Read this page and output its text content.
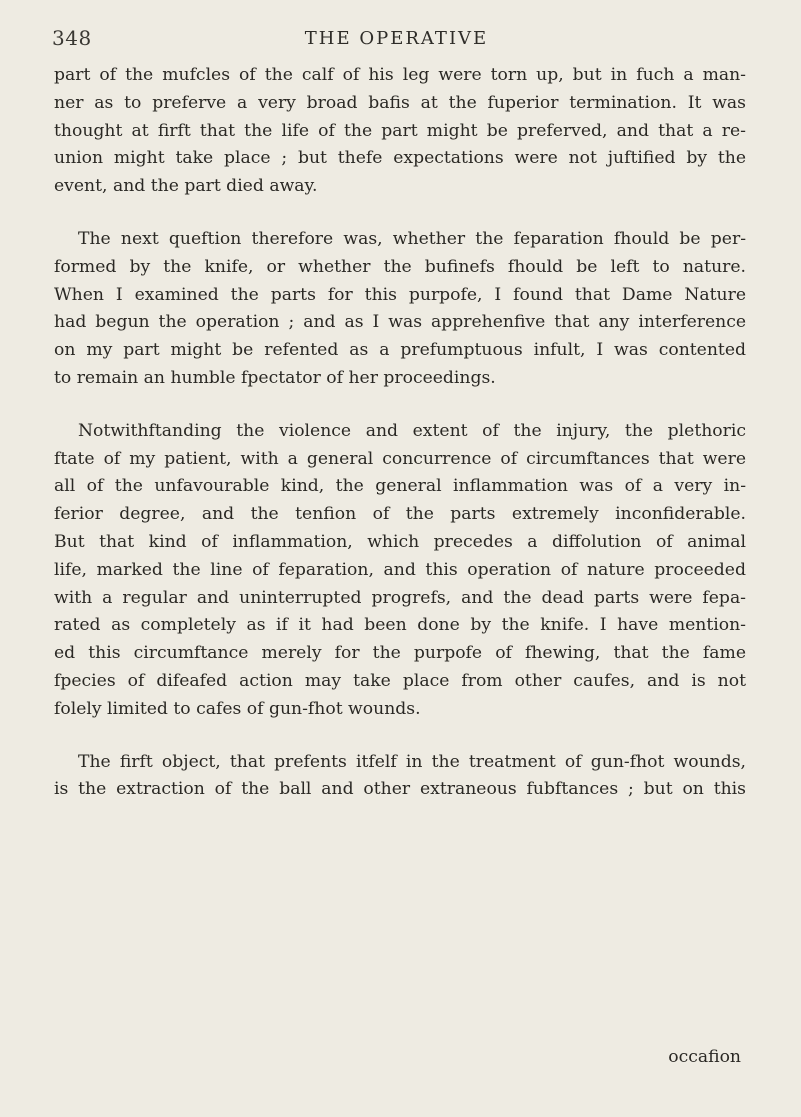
348	THE OPERATIVE
part of the mufcles of the calf of his leg were torn up, but in fuch a man-
ner as to preferve a very broad bafis at the fuperior termination. It was
thought at firft that the life of the part might be preferved, and that a re-
union might take place ; but thefe expectations were not juftified by the
event, and the part died away.
The next queftion therefore was, whether the feparation fhould be per-
formed by the knife, or whether the bufinefs fhould be left to nature.
When I examined the parts for this purpofe, I found that Dame Nature
had begun the operation ; and as I was apprehenfive that any interference
on my part might be refented as a prefumptuous infult, I was contented
to remain an humble fpectator of her proceedings.
Notwithftanding the violence and extent of the injury, the plethoric
ftate of my patient, with a general concurrence of circumftances that were
all of the unfavourable kind, the general inflammation was of a very in-
ferior degree, and the tenfion of the parts extremely inconfiderable.
But that kind of inflammation, which precedes a diffolution of animal
life, marked the line of feparation, and this operation of nature proceeded
with a regular and uninterrupted progrefs, and the dead parts were fepa-
rated as completely as if it had been done by the knife. I have mention-
ed this circumftance merely for the purpofe of fhewing, that the fame
fpecies of difeafed action may take place from other caufes, and is not
folely limited to cafes of gun-fhot wounds.
The firft object, that prefents itfelf in the treatment of gun-fhot wounds,
is the extraction of the ball and other extraneous fubftances ; but on this
occafion
